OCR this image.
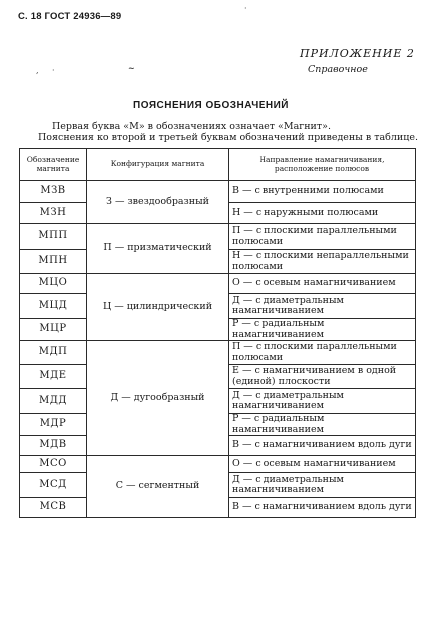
С. 18 ГОСТ 24936—89
·
ПРИЛОЖЕНИЕ 2
Справочное
, ·	~
ПОЯСНЕНИЯ ОБОЗНАЧЕНИЙ
Первая буква «М» в обозначениях означает «Магнит».
Пояснения ко второй и третьей буквам обозначений приведены в таблице.
Обозначение магнита	Конфигурация магнита	Направление намагничивания, расположение полюсов
МЗВ	З — звездообразный	В — с внутренними полюсами
МЗН		Н — с наружными полюсами
МПП	П — призматический	П — с плоскими параллельными полюсами
МПН		Н — с плоскими непараллельными полюсами
МЦО	Ц — цилиндрический	О — с осевым намагничиванием
МЦД		Д — с диаметральным намагничиванием
МЦР		Р — с радиальным намагничиванием
МДП	Д — дугообразный	П — с плоскими параллельными полюсами
МДЕ		Е — с намагничиванием в одной (единой) плоскости
МДД		Д — с диаметральным намагничиванием
МДР		Р — с радиальным намагничиванием
МДВ		В — с намагничиванием вдоль дуги
МСО	С — сегментный	О — с осевым намагничиванием
МСД		Д — с диаметральным намагничиванием
МСВ		В — с намагничиванием вдоль дуги
